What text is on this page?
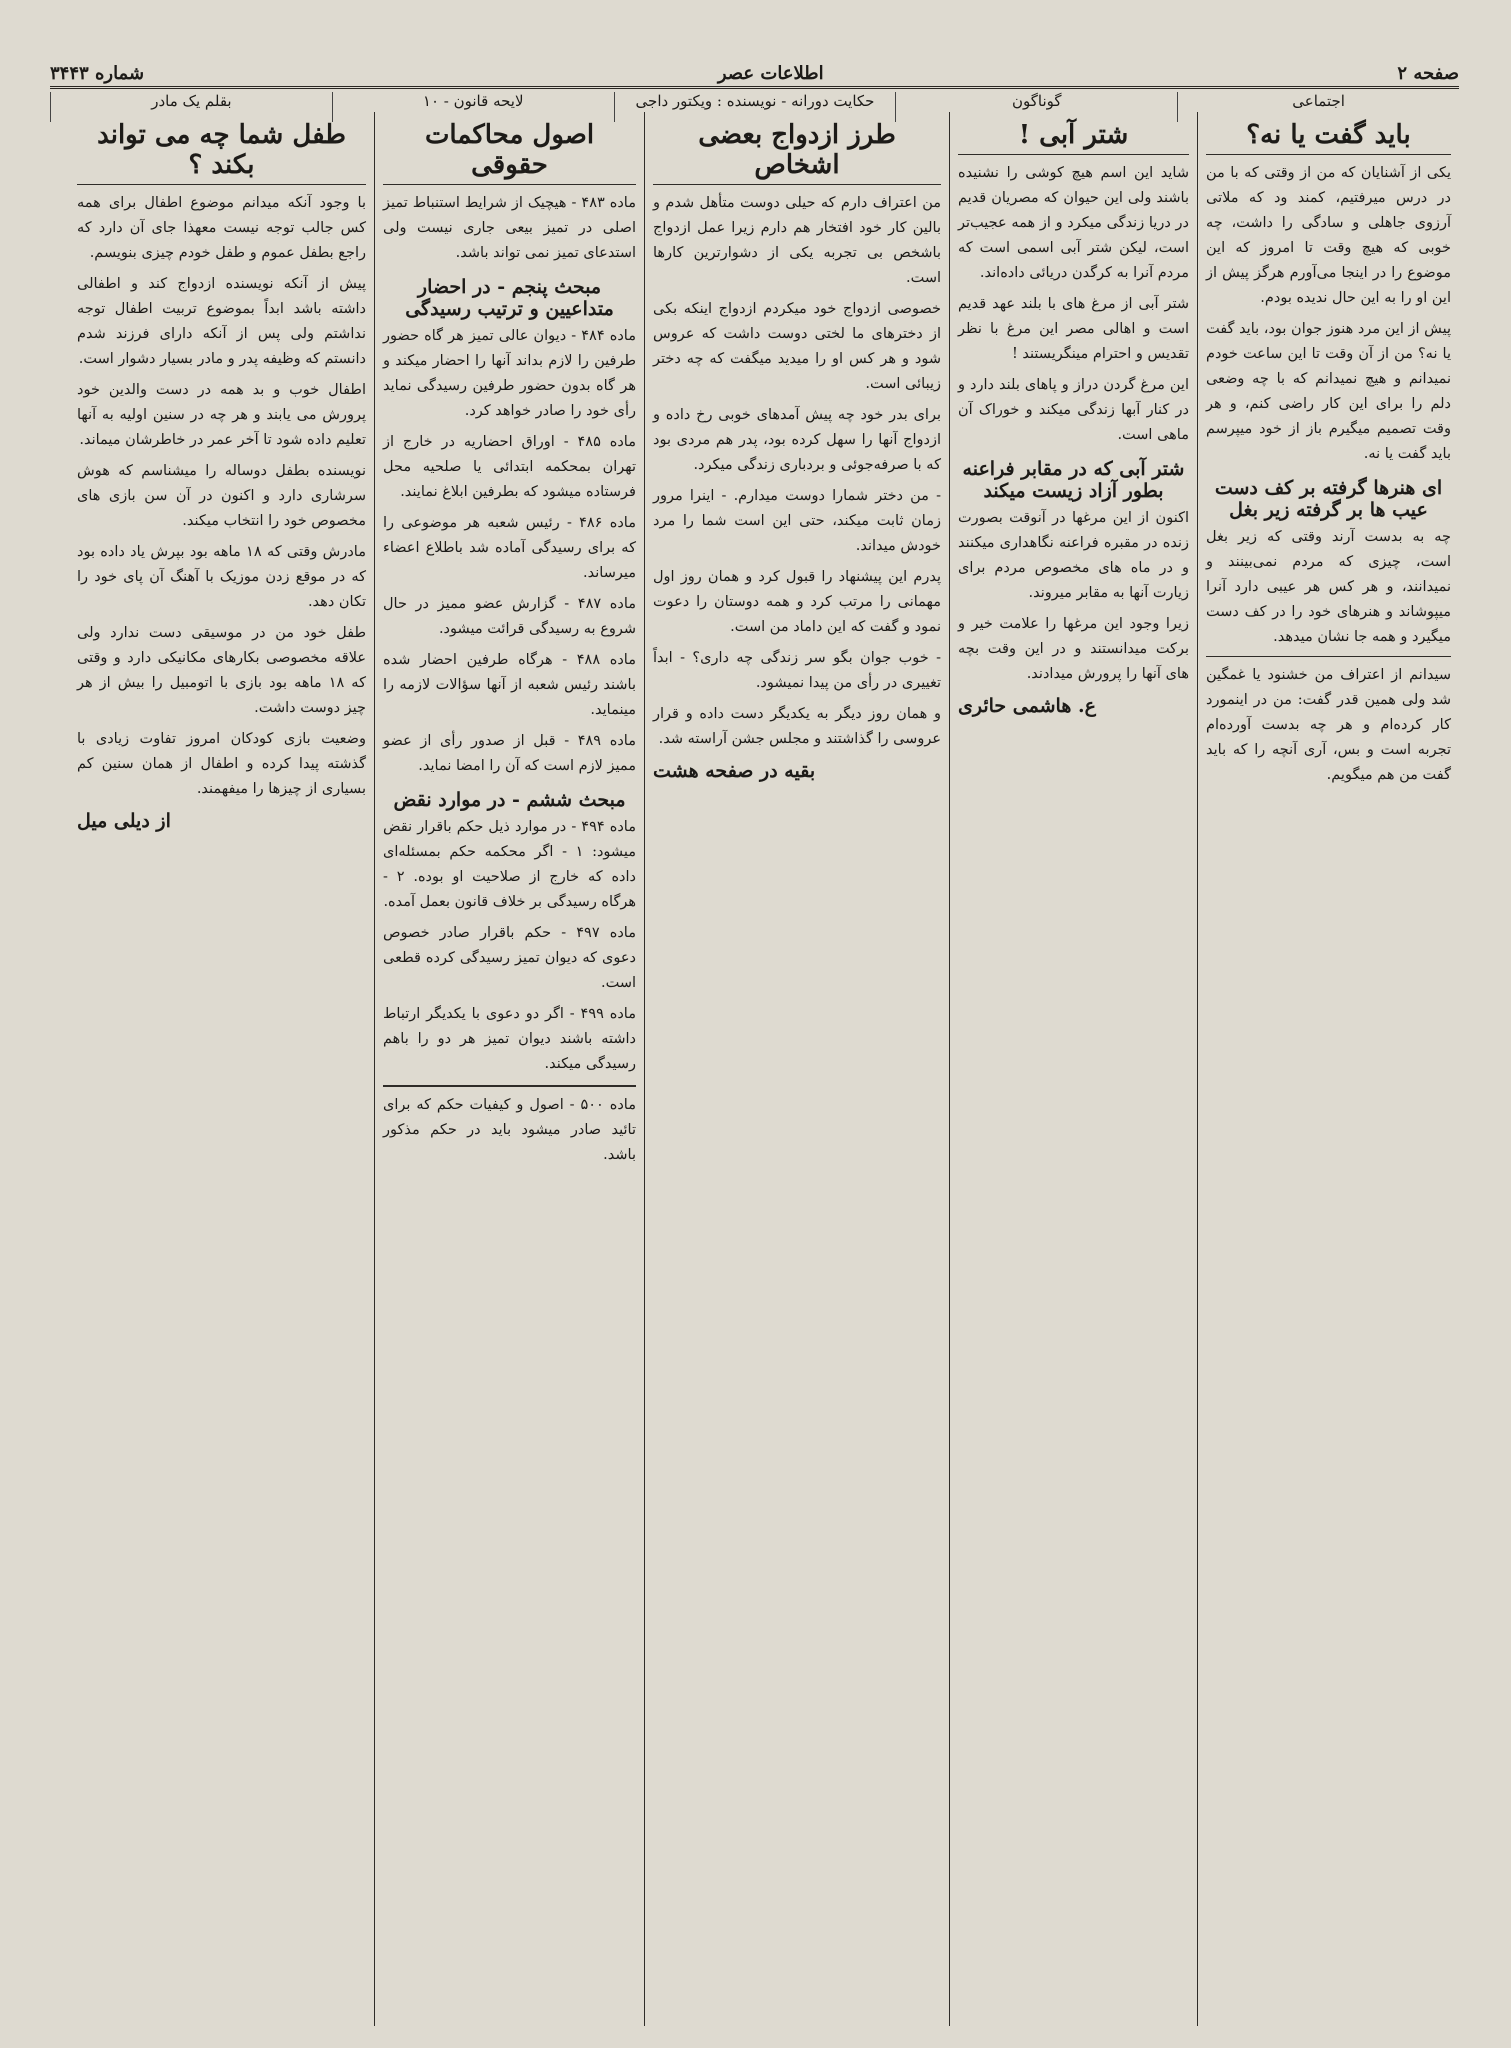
صفحه ۲
اطلاعات عصر
شماره ۳۴۴۳
اجتماعی
گوناگون
حکایت دورانه - نویسنده : ویکتور داجی
لایحه قانون - ۱۰
بقلم یک مادر
باید گفت یا نه؟

یکی از آشنایان که من از وقتی که با من در درس میرفتیم، کمند ود که ملاتی آرزوی جاهلی و سادگی را داشت، چه خوبی که هیچ وقت تا امروز که این موضوع را در اینجا می‌آورم هرگز پیش از این او را به این حال ندیده بودم.

پیش از این مرد هنوز جوان بود، باید گفت یا نه؟ من از آن وقت تا این ساعت خودم نمیدانم و هیچ نمیدانم که با چه وضعی دلم را برای این کار راضی کنم، و هر وقت تصمیم میگیرم باز از خود میپرسم باید گفت یا نه.

ای هنرها گرفته بر کف دست عیب ها بر گرفته زیر بغل

چه به بدست آرند وقتی که زیر بغل است، چیزی که مردم نمی‌بینند و نمیدانند، و هر کس هر عیبی دارد آنرا میپوشاند و هنرهای خود را در کف دست میگیرد و همه جا نشان میدهد.

سیدانم از اعتراف من خشنود یا غمگین شد ولی همین قدر گفت: من در اینمورد کار کرده‌ام و هر چه بدست آورده‌ام تجربه است و بس، آری آنچه را که باید گفت من هم میگویم.

شتر آبی !

شاید این اسم هیچ کوشی را نشنیده باشند ولی این حیوان که مصریان قدیم در دریا زندگی میکرد و از همه عجیب‌تر است، لیکن شتر آبی اسمی است که مردم آنرا به کرگدن دریائی داده‌اند.

شتر آبی از مرغ های با بلند عهد قدیم است و اهالی مصر این مرغ با نظر تقدیس و احترام مینگریستند !

این مرغ گردن دراز و پاهای بلند دارد و در کنار آبها زندگی میکند و خوراک آن ماهی است.

شتر آبی که در مقابر فراعنه بطور آزاد زیست میکند

اکنون از این مرغها در آنوقت بصورت زنده در مقبره فراعنه نگاهداری میکنند و در ماه های مخصوص مردم برای زیارت آنها به مقابر میروند.

زیرا وجود این مرغها را علامت خیر و برکت میدانستند و در این وقت بچه های آنها را پرورش میدادند.

ع. هاشمی حائری
طرز ازدواج بعضی اشخاص

من اعتراف دارم که حیلی دوست متأهل شدم و بالین کار خود افتخار هم دارم زیرا عمل ازدواج باشخص بی تجربه یکی از دشوارترین کارها است.

خصوصی ازدواج خود میکردم ازدواج اینکه بکی از دخترهای ما لختی دوست داشت که عروس شود و هر کس او را میدید میگفت که چه دختر زیبائی است.

برای بدر خود چه پیش آمدهای خوبی رخ داده و ازدواج آنها را سهل کرده بود، پدر هم مردی بود که با صرفه‌جوئی و بردباری زندگی میکرد.

- من دختر شمارا دوست میدارم. - اینرا مرور زمان ثابت میکند، حتی این است شما را مرد خودش میداند.

پدرم این پیشنهاد را قبول کرد و همان روز اول مهمانی را مرتب کرد و همه دوستان را دعوت نمود و گفت که این داماد من است.

- خوب جوان بگو سر زندگی چه داری؟ - ابداً تغییری در رأی من پیدا نمیشود.

و همان روز دیگر به یکدیگر دست داده و قرار عروسی را گذاشتند و مجلس جشن آراسته شد.

بقیه در صفحه هشت
اصول محاکمات حقوقی

ماده ۴۸۳ - هیچیک از شرایط استنباط تمیز اصلی در تمیز بیعی جاری نیست ولی استدعای تمیز نمی تواند باشد.

مبحث پنجم - در احضار متداعیین و ترتیب رسیدگی

ماده ۴۸۴ - دیوان عالی تمیز هر گاه حضور طرفین را لازم بداند آنها را احضار میکند و هر گاه بدون حضور طرفین رسیدگی نماید رأی خود را صادر خواهد کرد.

ماده ۴۸۵ - اوراق احضاریه در خارج از تهران بمحکمه ابتدائی یا صلحیه محل فرستاده میشود که بطرفین ابلاغ نمایند.

ماده ۴۸۶ - رئیس شعبه هر موضوعی را که برای رسیدگی آماده شد باطلاع اعضاء میرساند.

ماده ۴۸۷ - گزارش عضو ممیز در حال شروع به رسیدگی قرائت میشود.

ماده ۴۸۸ - هرگاه طرفین احضار شده باشند رئیس شعبه از آنها سؤالات لازمه را مینماید.

ماده ۴۸۹ - قبل از صدور رأی از عضو ممیز لازم است که آن را امضا نماید.

مبحث ششم - در موارد نقض

ماده ۴۹۴ - در موارد ذیل حکم باقرار نقض میشود: ۱ - اگر محکمه حکم بمسئله‌ای داده که خارج از صلاحیت او بوده. ۲ - هرگاه رسیدگی بر خلاف قانون بعمل آمده.

ماده ۴۹۷ - حکم باقرار صادر خصوص دعوی که دیوان تمیز رسیدگی کرده قطعی است.

ماده ۴۹۹ - اگر دو دعوی با یکدیگر ارتباط داشته باشند دیوان تمیز هر دو را باهم رسیدگی میکند.

ماده ۵۰۰ - اصول و کیفیات حکم که برای تائید صادر میشود باید در حکم مذکور باشد.

طفل شما چه می تواند بکند ؟

با وجود آنکه میدانم موضوع اطفال برای همه کس جالب توجه نیست معهذا جای آن دارد که راجع بطفل عموم و طفل خودم چیزی بنویسم.

پیش از آنکه نویسنده ازدواج کند و اطفالی داشته باشد ابداً بموضوع تربیت اطفال توجه نداشتم ولی پس از آنکه دارای فرزند شدم دانستم که وظیفه پدر و مادر بسیار دشوار است.

اطفال خوب و بد همه در دست والدین خود پرورش می یابند و هر چه در سنین اولیه به آنها تعلیم داده شود تا آخر عمر در خاطرشان میماند.

نویسنده بطفل دوساله را میشناسم که هوش سرشاری دارد و اکنون در آن سن بازی های مخصوص خود را انتخاب میکند.

مادرش وقتی که ۱۸ ماهه بود بپرش یاد داده بود که در موقع زدن موزیک با آهنگ آن پای خود را تکان دهد.

طفل خود من در موسیقی دست ندارد ولی علاقه مخصوصی بکارهای مکانیکی دارد و وقتی که ۱۸ ماهه بود بازی با اتومبیل را بیش از هر چیز دوست داشت.

وضعیت بازی کودکان امروز تفاوت زیادی با گذشته پیدا کرده و اطفال از همان سنین کم بسیاری از چیزها را میفهمند.

از دیلی میل
